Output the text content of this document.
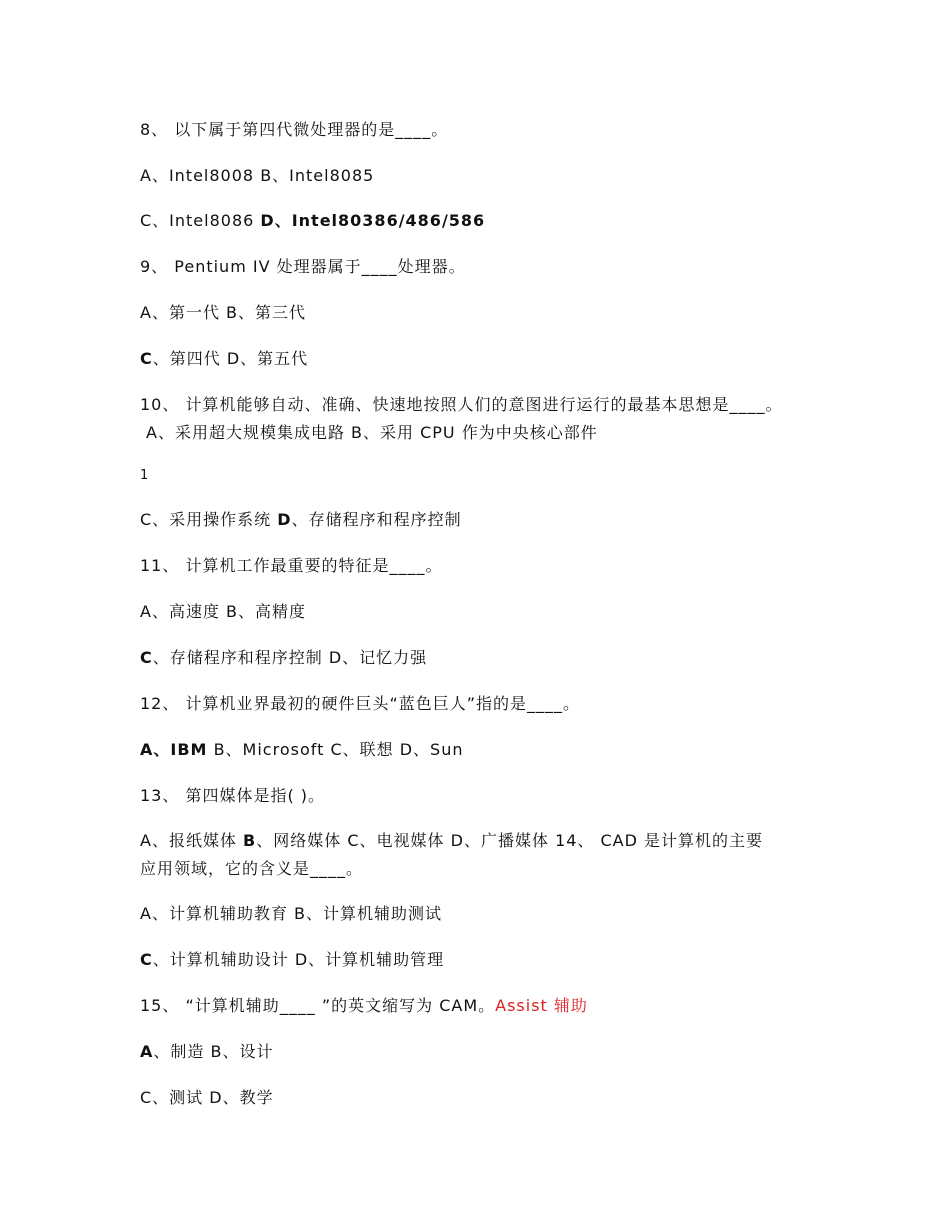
8、 以下属于第四代微处理器的是____。
A、Intel8008 B、Intel8085
C、Intel8086 D、Intel80386/486/586
9、 Pentium IV 处理器属于____处理器。
A、第一代 B、第三代
C、第四代 D、第五代
10、 计算机能够自动、准确、快速地按照人们的意图进行运行的最基本思想是____。
A、采用超大规模集成电路 B、采用 CPU 作为中央核心部件
1
C、采用操作系统 D、存储程序和程序控制
11、 计算机工作最重要的特征是____。
A、高速度 B、高精度
C、存储程序和程序控制 D、记忆力强
12、 计算机业界最初的硬件巨头“蓝色巨人”指的是____。
A、IBM B、Microsoft C、联想 D、Sun
13、 第四媒体是指( )。
A、报纸媒体 B、网络媒体 C、电视媒体 D、广播媒体 14、 CAD 是计算机的主要
应用领域，它的含义是____。
A、计算机辅助教育 B、计算机辅助测试
C、计算机辅助设计 D、计算机辅助管理
15、 “计算机辅助____ ”的英文缩写为 CAM。Assist 辅助
A、制造 B、设计
C、测试 D、教学
